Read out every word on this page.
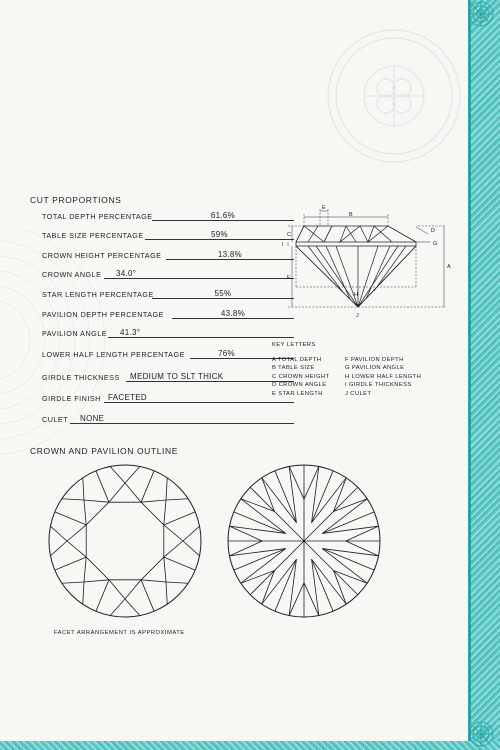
CUT PROPORTIONS
TOTAL DEPTH PERCENTAGE	61.6%
TABLE SIZE PERCENTAGE	59%
CROWN HEIGHT PERCENTAGE	13.8%
CROWN ANGLE	34.0°
STAR LENGTH PERCENTAGE	55%
PAVILION DEPTH PERCENTAGE	43.8%
PAVILION ANGLE	41.3°
LOWER HALF LENGTH PERCENTAGE	76%
GIRDLE THICKNESS	MEDIUM TO SLT THICK
GIRDLE FINISH FACETED
CULET	NONE
B
E
A
C
I
F
H
D
G
J
KEY LETTERS
A TOTAL DEPTH
B TABLE SIZE
C CROWN HEIGHT
D CROWN ANGLE
E STAR LENGTH
F PAVILION DEPTH
G PAVILION ANGLE
H LOWER HALF LENGTH
I GIRDLE THICKNESS
J CULET
CROWN AND PAVILION OUTLINE
FACET ARRANGEMENT IS APPROXIMATE
